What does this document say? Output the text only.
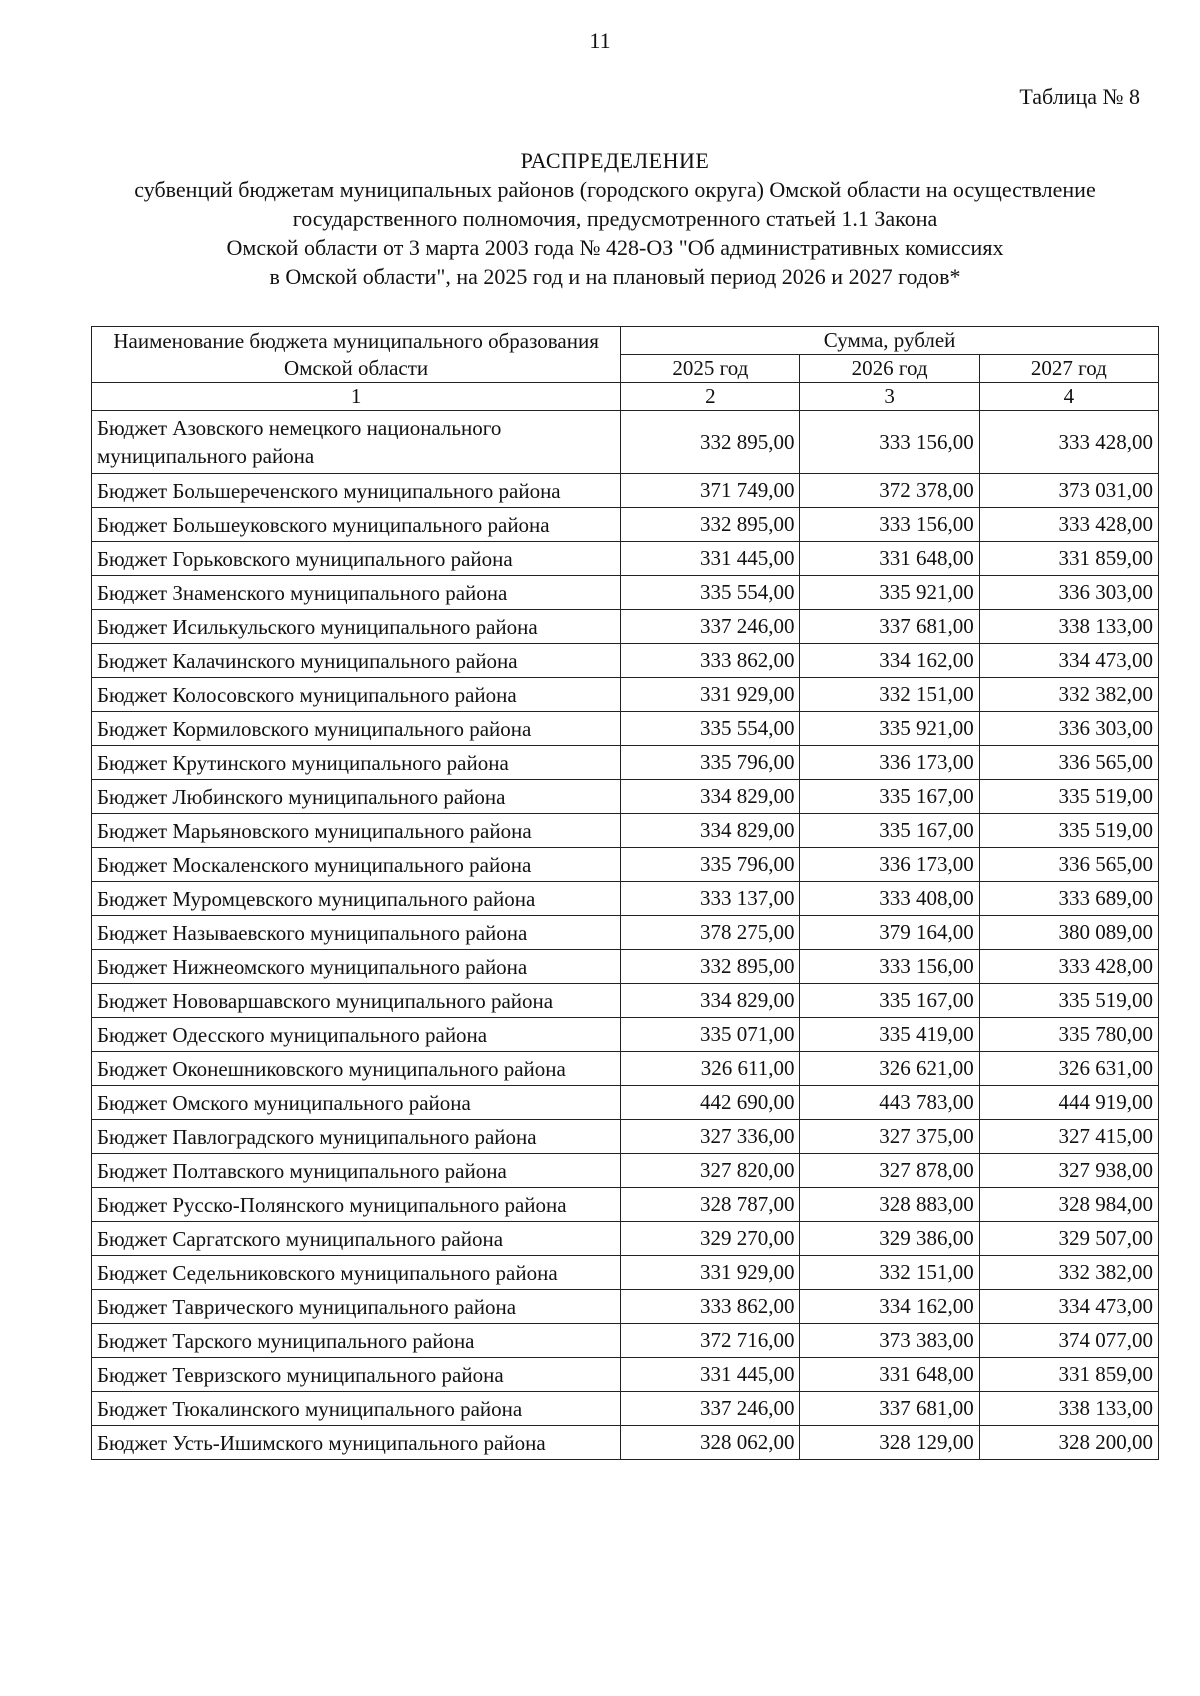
11
Таблица № 8
РАСПРЕДЕЛЕНИЕ
субвенций бюджетам муниципальных районов (городского округа) Омской области на осуществление
государственного полномочия, предусмотренного статьей 1.1 Закона
Омской области от 3 марта 2003 года № 428-ОЗ "Об административных комиссиях
в Омской области", на 2025 год и на плановый период 2026 и 2027 годов*
Наименование бюджета муниципального образования Омской области	Сумма, рублей		
	2025 год	2026 год	2027 год
1	2	3	4
Бюджет Азовского немецкого национального муниципального района	332 895,00	333 156,00	333 428,00
Бюджет Большереченского муниципального района	371 749,00	372 378,00	373 031,00
Бюджет Большеуковского муниципального района	332 895,00	333 156,00	333 428,00
Бюджет Горьковского муниципального района	331 445,00	331 648,00	331 859,00
Бюджет Знаменского муниципального района	335 554,00	335 921,00	336 303,00
Бюджет Исилькульского муниципального района	337 246,00	337 681,00	338 133,00
Бюджет Калачинского муниципального района	333 862,00	334 162,00	334 473,00
Бюджет Колосовского муниципального района	331 929,00	332 151,00	332 382,00
Бюджет Кормиловского муниципального района	335 554,00	335 921,00	336 303,00
Бюджет Крутинского муниципального района	335 796,00	336 173,00	336 565,00
Бюджет Любинского муниципального района	334 829,00	335 167,00	335 519,00
Бюджет Марьяновского муниципального района	334 829,00	335 167,00	335 519,00
Бюджет Москаленского муниципального района	335 796,00	336 173,00	336 565,00
Бюджет Муромцевского муниципального района	333 137,00	333 408,00	333 689,00
Бюджет Называевского муниципального района	378 275,00	379 164,00	380 089,00
Бюджет Нижнеомского муниципального района	332 895,00	333 156,00	333 428,00
Бюджет Нововаршавского муниципального района	334 829,00	335 167,00	335 519,00
Бюджет Одесского муниципального района	335 071,00	335 419,00	335 780,00
Бюджет Оконешниковского муниципального района	326 611,00	326 621,00	326 631,00
Бюджет Омского муниципального района	442 690,00	443 783,00	444 919,00
Бюджет Павлоградского муниципального района	327 336,00	327 375,00	327 415,00
Бюджет Полтавского муниципального района	327 820,00	327 878,00	327 938,00
Бюджет Русско-Полянского муниципального района	328 787,00	328 883,00	328 984,00
Бюджет Саргатского муниципального района	329 270,00	329 386,00	329 507,00
Бюджет Седельниковского муниципального района	331 929,00	332 151,00	332 382,00
Бюджет Таврического муниципального района	333 862,00	334 162,00	334 473,00
Бюджет Тарского муниципального района	372 716,00	373 383,00	374 077,00
Бюджет Тевризского муниципального района	331 445,00	331 648,00	331 859,00
Бюджет Тюкалинского муниципального района	337 246,00	337 681,00	338 133,00
Бюджет Усть-Ишимского муниципального района	328 062,00	328 129,00	328 200,00
